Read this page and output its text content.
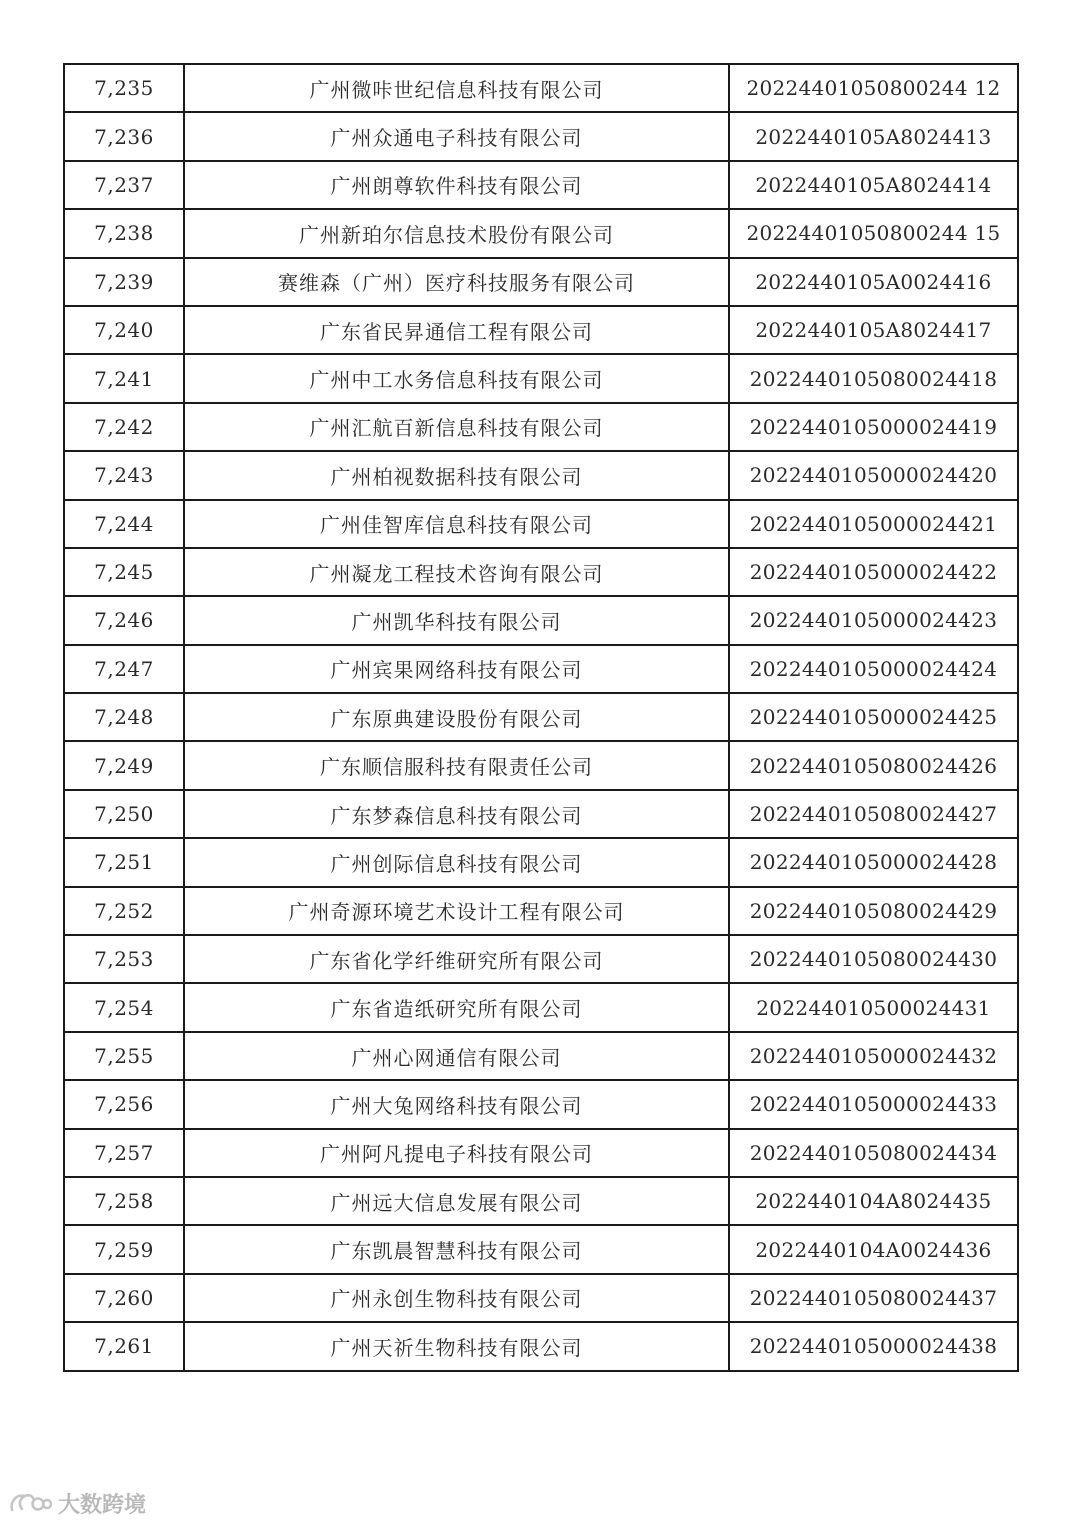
7,235	广州微咔世纪信息科技有限公司	20224401050800244 12
7,236	广州众通电子科技有限公司	2022440105A8024413
7,237	广州朗尊软件科技有限公司	2022440105A8024414
7,238	广州新珀尔信息技术股份有限公司	20224401050800244 15
7,239	赛维森（广州）医疗科技服务有限公司	2022440105A0024416
7,240	广东省民昇通信工程有限公司	2022440105A8024417
7,241	广州中工水务信息科技有限公司	2022440105080024418
7,242	广州汇航百新信息科技有限公司	2022440105000024419
7,243	广州柏视数据科技有限公司	2022440105000024420
7,244	广州佳智库信息科技有限公司	2022440105000024421
7,245	广州凝龙工程技术咨询有限公司	2022440105000024422
7,246	广州凯华科技有限公司	2022440105000024423
7,247	广州宾果网络科技有限公司	2022440105000024424
7,248	广东原典建设股份有限公司	2022440105000024425
7,249	广东顺信服科技有限责任公司	2022440105080024426
7,250	广东梦森信息科技有限公司	2022440105080024427
7,251	广州创际信息科技有限公司	2022440105000024428
7,252	广州奇源环境艺术设计工程有限公司	2022440105080024429
7,253	广东省化学纤维研究所有限公司	2022440105080024430
7,254	广东省造纸研究所有限公司	202244010500024431
7,255	广州心网通信有限公司	2022440105000024432
7,256	广州大兔网络科技有限公司	2022440105000024433
7,257	广州阿凡提电子科技有限公司	2022440105080024434
7,258	广州远大信息发展有限公司	2022440104A8024435
7,259	广东凯晨智慧科技有限公司	2022440104A0024436
7,260	广州永创生物科技有限公司	2022440105080024437
7,261	广州天祈生物科技有限公司	2022440105000024438
大数跨境
